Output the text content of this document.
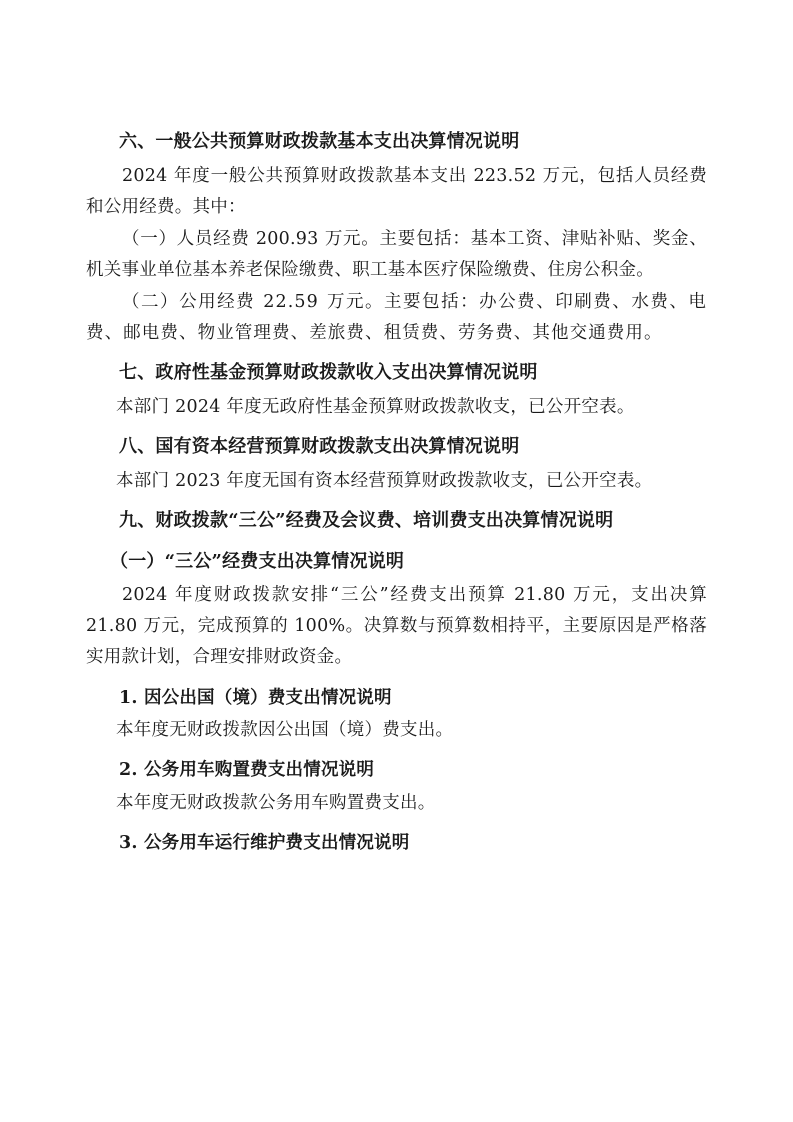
六、一般公共预算财政拨款基本支出决算情况说明
2024 年度一般公共预算财政拨款基本支出 223.52 万元，包括人员经费和公用经费。其中：
（一）人员经费 200.93 万元。主要包括：基本工资、津贴补贴、奖金、机关事业单位基本养老保险缴费、职工基本医疗保险缴费、住房公积金。
（二）公用经费 22.59 万元。主要包括：办公费、印刷费、水费、电费、邮电费、物业管理费、差旅费、租赁费、劳务费、其他交通费用。
七、政府性基金预算财政拨款收入支出决算情况说明
本部门 2024 年度无政府性基金预算财政拨款收支，已公开空表。
八、国有资本经营预算财政拨款支出决算情况说明
本部门 2023 年度无国有资本经营预算财政拨款收支，已公开空表。
九、财政拨款“三公”经费及会议费、培训费支出决算情况说明
（一）“三公”经费支出决算情况说明
2024 年度财政拨款安排“三公”经费支出预算 21.80 万元，支出决算 21.80 万元，完成预算的 100%。决算数与预算数相持平，主要原因是严格落实用款计划，合理安排财政资金。
1. 因公出国（境）费支出情况说明
本年度无财政拨款因公出国（境）费支出。
2. 公务用车购置费支出情况说明
本年度无财政拨款公务用车购置费支出。
3. 公务用车运行维护费支出情况说明
